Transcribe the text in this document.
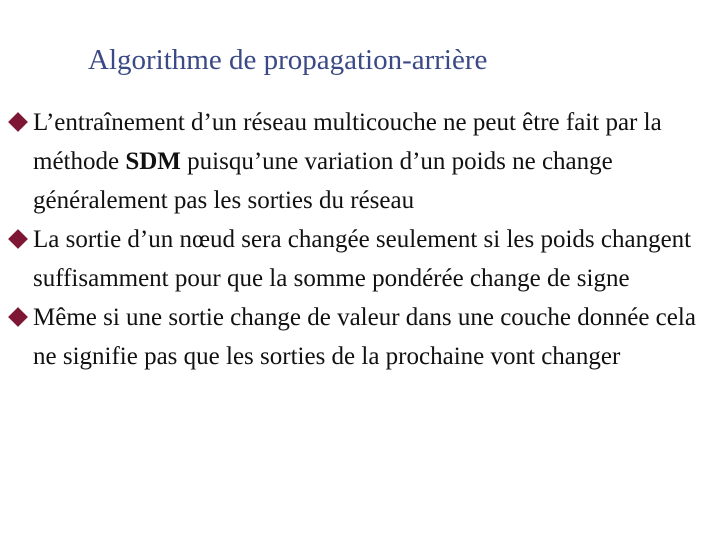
Algorithme de propagation-arrière
L’entraînement d’un réseau multicouche ne peut être fait par la méthode SDM puisqu’une variation d’un poids ne change généralement pas les sorties du réseau
La sortie d’un nœud sera changée seulement si les poids changent suffisamment pour que la somme pondérée change de signe
Même si une sortie change de valeur dans une couche donnée cela ne signifie pas que les sorties de la prochaine vont changer
